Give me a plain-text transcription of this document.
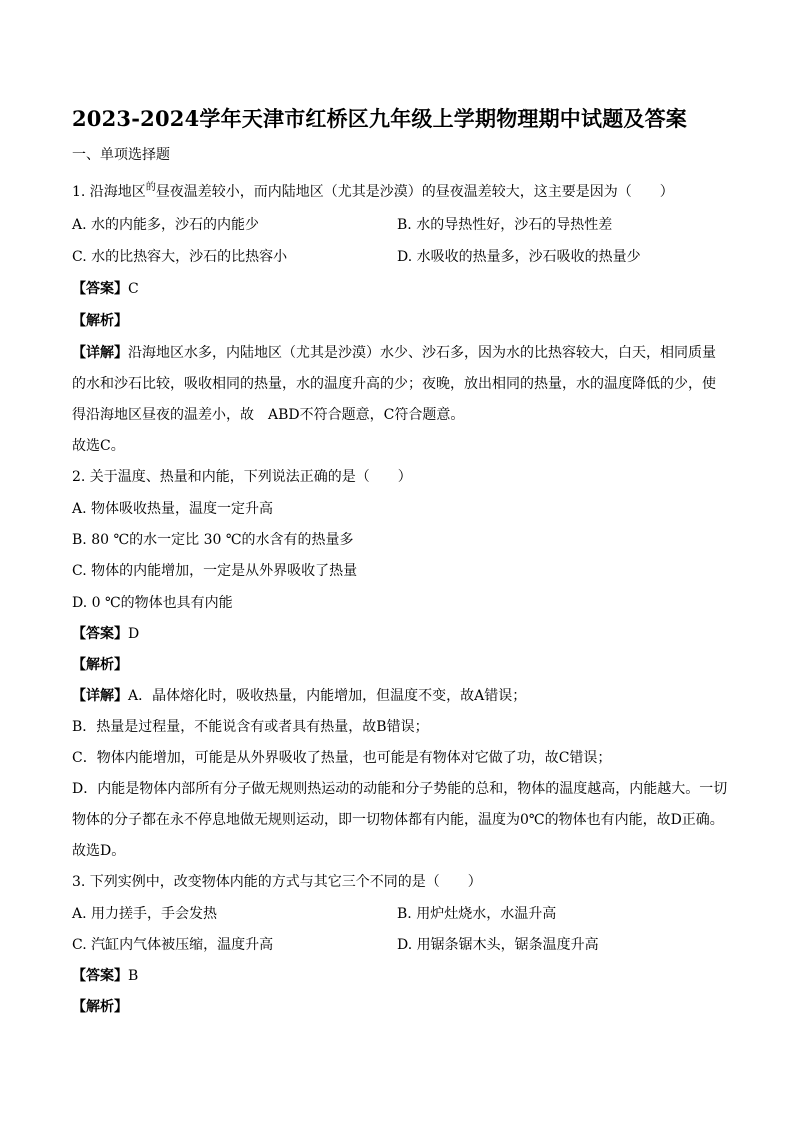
2023-2024学年天津市红桥区九年级上学期物理期中试题及答案
一、单项选择题
1. 沿海地区$^的$昼夜温差较小，而内陆地区（尤其是沙漠）的昼夜温差较大，这主要是因为（　　）
A. 水的内能多，沙石的内能少	B. 水的导热性好，沙石的导热性差
C. 水的比热容大，沙石的比热容小	D. 水吸收的热量多，沙石吸收的热量少
【答案】C
【解析】
【详解】沿海地区水多，内陆地区（尤其是沙漠）水少、沙石多，因为水的比热容较大，白天，相同质量
的水和沙石比较，吸收相同的热量，水的温度升高的少；夜晚，放出相同的热量，水的温度降低的少，使
得沿海地区昼夜的温差小，故　ABD不符合题意，C符合题意。
故选C。
2. 关于温度、热量和内能，下列说法正确的是（　　）
A. 物体吸收热量，温度一定升高
B. 80 ℃的水一定比 30 ℃的水含有的热量多
C. 物体的内能增加，一定是从外界吸收了热量
D. 0 ℃的物体也具有内能
【答案】D
【解析】
【详解】A．晶体熔化时，吸收热量，内能增加，但温度不变，故A错误；
B．热量是过程量，不能说含有或者具有热量，故B错误；
C．物体内能增加，可能是从外界吸收了热量，也可能是有物体对它做了功，故C错误；
D．内能是物体内部所有分子做无规则热运动的动能和分子势能的总和，物体的温度越高，内能越大。一切
物体的分子都在永不停息地做无规则运动，即一切物体都有内能，温度为0℃的物体也有内能，故D正确。
故选D。
3. 下列实例中，改变物体内能的方式与其它三个不同的是（　　）
A. 用力搓手，手会发热	B. 用炉灶烧水，水温升高
C. 汽缸内气体被压缩，温度升高	D. 用锯条锯木头，锯条温度升高
【答案】B
【解析】
